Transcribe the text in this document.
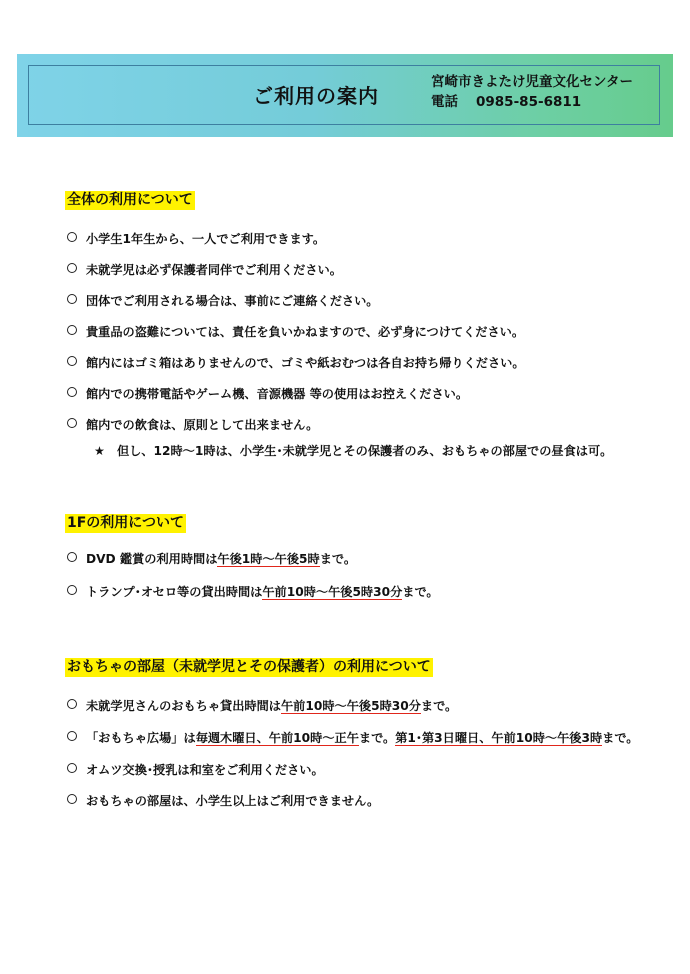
ご利用の案内
宮崎市きよたけ児童文化センター
電話 0985-85-6811
全体の利用について
小学生1年生から、一人でご利用できます。
未就学児は必ず保護者同伴でご利用ください。
団体でご利用される場合は、事前にご連絡ください。
貴重品の盗難については、責任を負いかねますので、必ず身につけてください。
館内にはゴミ箱はありませんので、ゴミや紙おむつは各自お持ち帰りください。
館内での携帯電話やゲーム機、音源機器 等の使用はお控えください。
館内での飲食は、原則として出来ません。
★ 但し、12時～1時は、小学生･未就学児とその保護者のみ、おもちゃの部屋での昼食は可。
1Fの利用について
DVD 鑑賞の利用時間は午後1時～午後5時まで。
トランプ･オセロ等の貸出時間は午前10時～午後5時30分まで。
おもちゃの部屋（未就学児とその保護者）の利用について
未就学児さんのおもちゃ貸出時間は午前10時～午後5時30分まで。
「おもちゃ広場」は毎週木曜日、午前10時～正午まで。第1･第3日曜日、午前10時～午後3時まで。
オムツ交換･授乳は和室をご利用ください。
おもちゃの部屋は、小学生以上はご利用できません。
